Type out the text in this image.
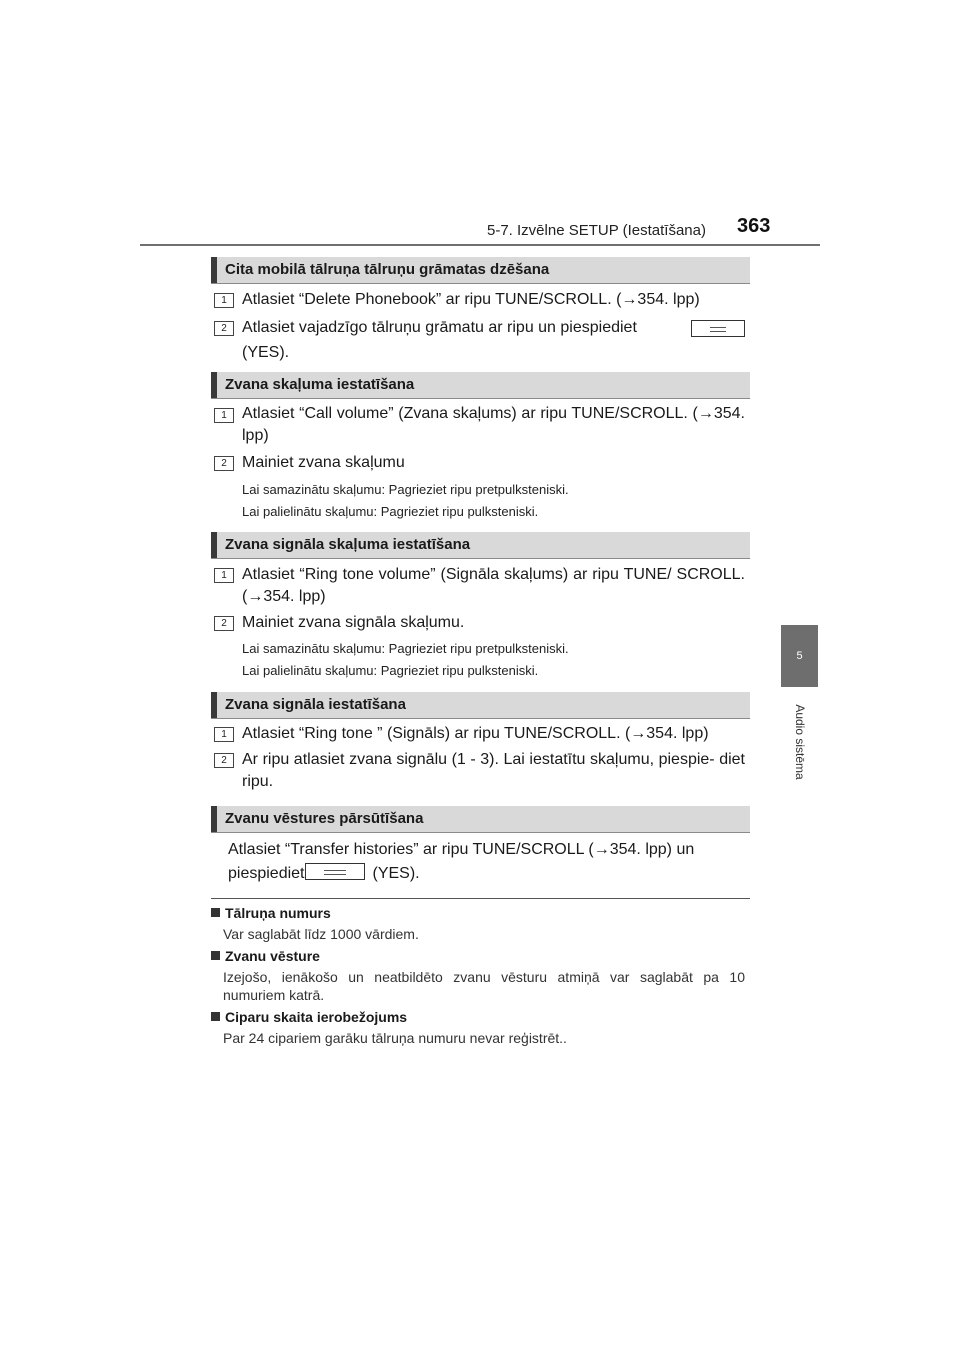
5-7. Izvēlne SETUP (Iestatīšana) 363
5
Audio sistēma
Cita mobilā tālruņa tālruņu grāmatas dzēšana
1 Atlasiet “Delete Phonebook” ar ripu TUNE/SCROLL. (→354. lpp)
2 Atlasiet vajadzīgo tālruņu grāmatu ar ripu un piespiediet
(YES).
Zvana skaļuma iestatīšana
1 Atlasiet “Call volume” (Zvana skaļums) ar ripu TUNE/SCROLL. (→354. lpp)
2 Mainiet zvana skaļumu
Lai samazinātu skaļumu: Pagrieziet ripu pretpulksteniski.
Lai palielinātu skaļumu: Pagrieziet ripu pulksteniski.
Zvana signāla skaļuma iestatīšana
1 Atlasiet “Ring tone volume” (Signāla skaļums) ar ripu TUNE/ SCROLL. (→354. lpp)
2 Mainiet zvana signāla skaļumu.
Lai samazinātu skaļumu: Pagrieziet ripu pretpulksteniski.
Lai palielinātu skaļumu: Pagrieziet ripu pulksteniski.
Zvana signāla iestatīšana
1 Atlasiet “Ring tone ” (Signāls) ar ripu TUNE/SCROLL. (→354. lpp)
2 Ar ripu atlasiet zvana signālu (1 - 3). Lai iestatītu skaļumu, piespie- diet ripu.
Zvanu vēstures pārsūtīšana
Atlasiet “Transfer histories” ar ripu TUNE/SCROLL (→354. lpp) un
piespiediet	(YES).
Tālruņa numurs
Var saglabāt līdz 1000 vārdiem.
Zvanu vēsture
Izejošo, ienākošo un neatbildēto zvanu vēsturu atmiņā var saglabāt pa 10 numuriem katrā.
Ciparu skaita ierobežojums
Par 24 cipariem garāku tālruņa numuru nevar reģistrēt..
